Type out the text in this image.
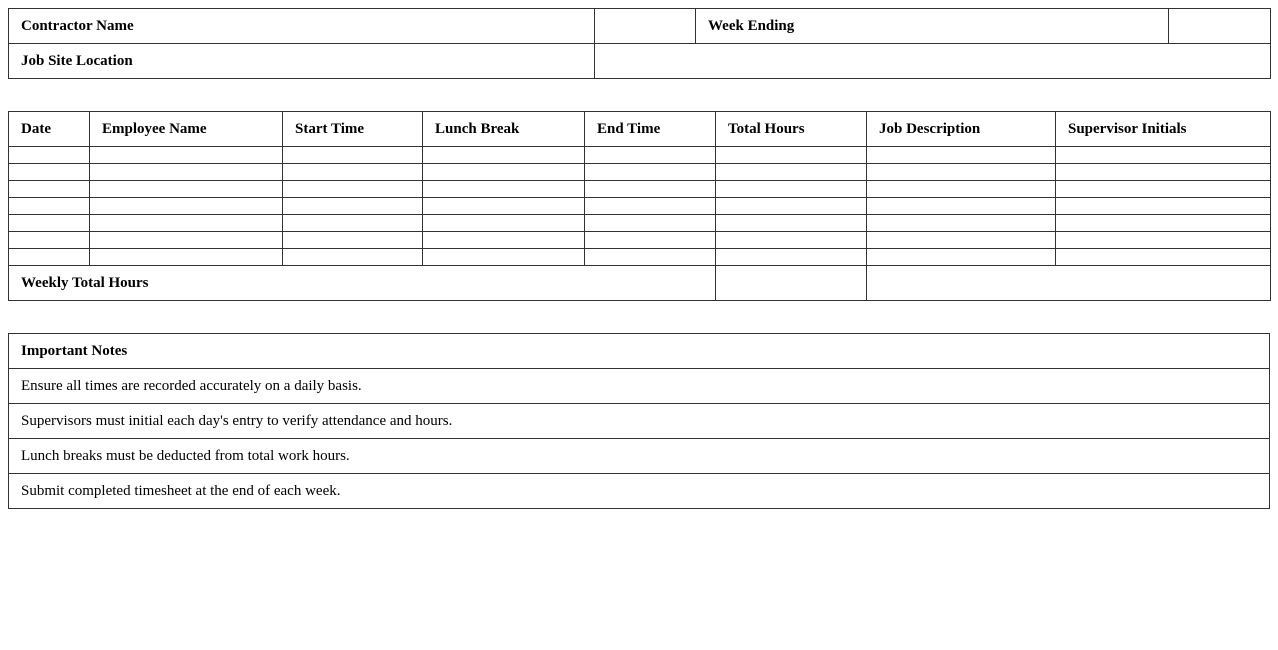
Contractor Name		Week Ending	
Job Site Location	
Date	Employee Name	Start Time	Lunch Break	End Time	Total Hours	Job Description	Supervisor Initials

Weekly Total Hours		
Important Notes
Ensure all times are recorded accurately on a daily basis.
Supervisors must initial each day's entry to verify attendance and hours.
Lunch breaks must be deducted from total work hours.
Submit completed timesheet at the end of each week.
